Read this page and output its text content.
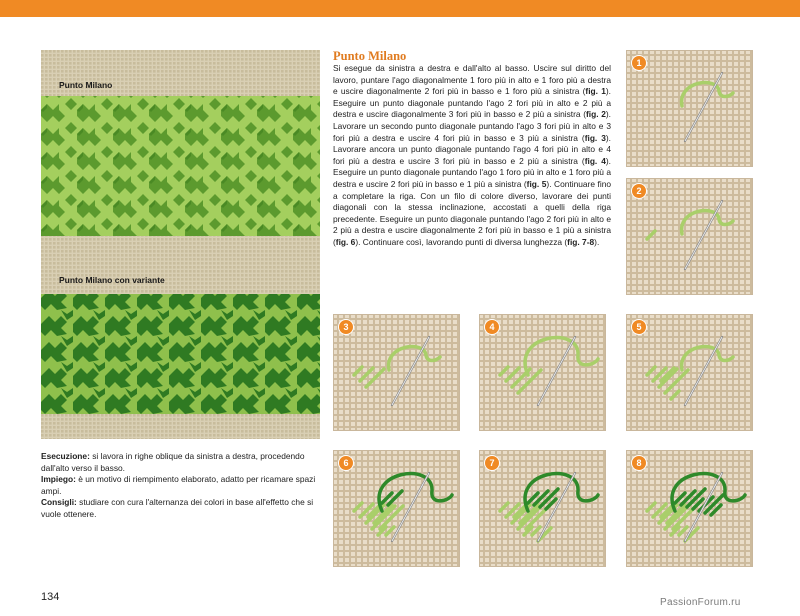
Punto Milano
Punto Milano con variante
Punto Milano
Si esegue da sinistra a destra e dall'alto al basso. Uscire sul diritto del lavoro, puntare l'ago diagonalmente 1 foro più in alto e 1 foro più a destra e uscire diagonalmente 2 fori più in basso e 1 foro più a sinistra (fig. 1). Eseguire un punto diagonale puntando l'ago 2 fori più in alto e 2 più a destra e uscire diagonalmente 3 fori più in basso e 2 più a sinistra (fig. 2). Lavorare un secondo punto diagonale puntando l'ago 3 fori più in alto e 3 fori più a destra e uscire 4 fori più in basso e 3 più a sinistra (fig. 3). Lavorare ancora un punto diagonale puntando l'ago 4 fori più in alto e 4 fori più a destra e uscire 3 fori più in basso e 2 più a sinistra (fig. 4). Eseguire un punto diagonale puntando l'ago 1 foro più in alto e 1 foro più a destra e uscire 2 fori più in basso e 1 più a sinistra (fig. 5). Continuare fino a completare la riga. Con un filo di colore diverso, lavorare dei punti diagonali con la stessa inclinazione, accostati a quelli della riga precedente. Eseguire un punto diagonale puntando l'ago 2 fori più in alto e 2 più a destra e uscire diagonalmente 2 fori più in basso e 1 più a sinistra (fig. 6). Continuare così, lavorando punti di diversa lunghezza (fig. 7-8).

Esecuzione: si lavora in righe oblique da sinistra a destra, procedendo dall'alto verso il basso.

Impiego: è un motivo di riempimento elaborato, adatto per ricamare spazi ampi.

Consigli: studiare con cura l'alternanza dei colori in base all'effetto che si vuole ottenere.

1
2
3	4	5
6	7	8
134	PassionForum.ru
